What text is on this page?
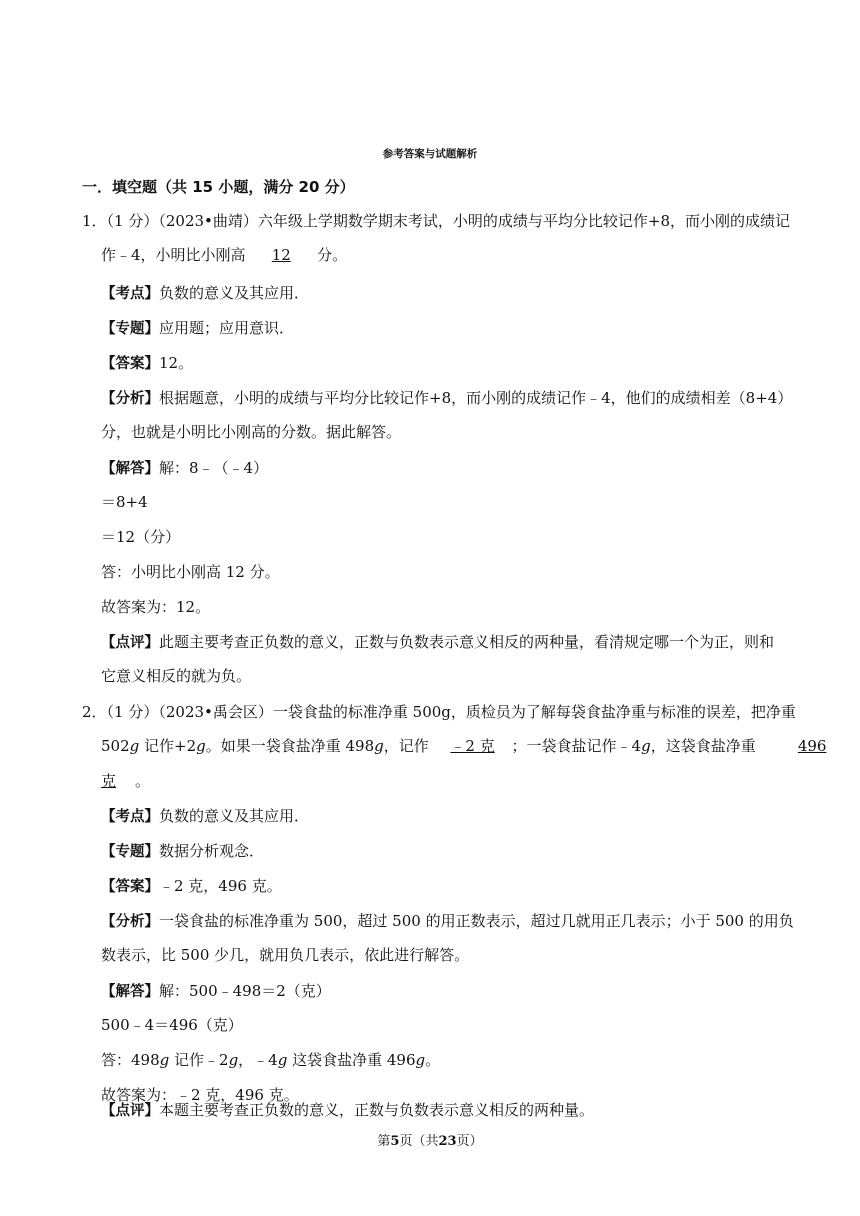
参考答案与试题解析
一．填空题（共 15 小题，满分 20 分）
1．（1 分）（2023•曲靖）六年级上学期数学期末考试，小明的成绩与平均分比较记作+8，而小刚的成绩记
作﹣4，小明比小刚高 12 分。
【考点】负数的意义及其应用．
【专题】应用题；应用意识．
【答案】12。
【分析】根据题意，小明的成绩与平均分比较记作+8，而小刚的成绩记作﹣4，他们的成绩相差（8+4）
分，也就是小明比小刚高的分数。据此解答。
【解答】解：8﹣（﹣4）
＝8+4
＝12（分）
答：小明比小刚高 12 分。
故答案为：12。
【点评】此题主要考查正负数的意义，正数与负数表示意义相反的两种量，看清规定哪一个为正，则和
它意义相反的就为负。
2．（1 分）（2023•禹会区）一袋食盐的标准净重 500g，质检员为了解每袋食盐净重与标准的误差，把净重
502g 记作+2g。如果一袋食盐净重 498g，记作 ﹣2 克 ；一袋食盐记作﹣4g，这袋食盐净重 496
克 。
【考点】负数的意义及其应用．
【专题】数据分析观念．
【答案】﹣2 克，496 克。
【分析】一袋食盐的标准净重为 500，超过 500 的用正数表示，超过几就用正几表示；小于 500 的用负
数表示，比 500 少几，就用负几表示，依此进行解答。
【解答】解：500﹣498＝2（克）
500﹣4＝496（克）
答：498g 记作﹣2g，﹣4g 这袋食盐净重 496g。
故答案为：﹣2 克，496 克。
【点评】本题主要考查正负数的意义，正数与负数表示意义相反的两种量。
第5页（共23页）
